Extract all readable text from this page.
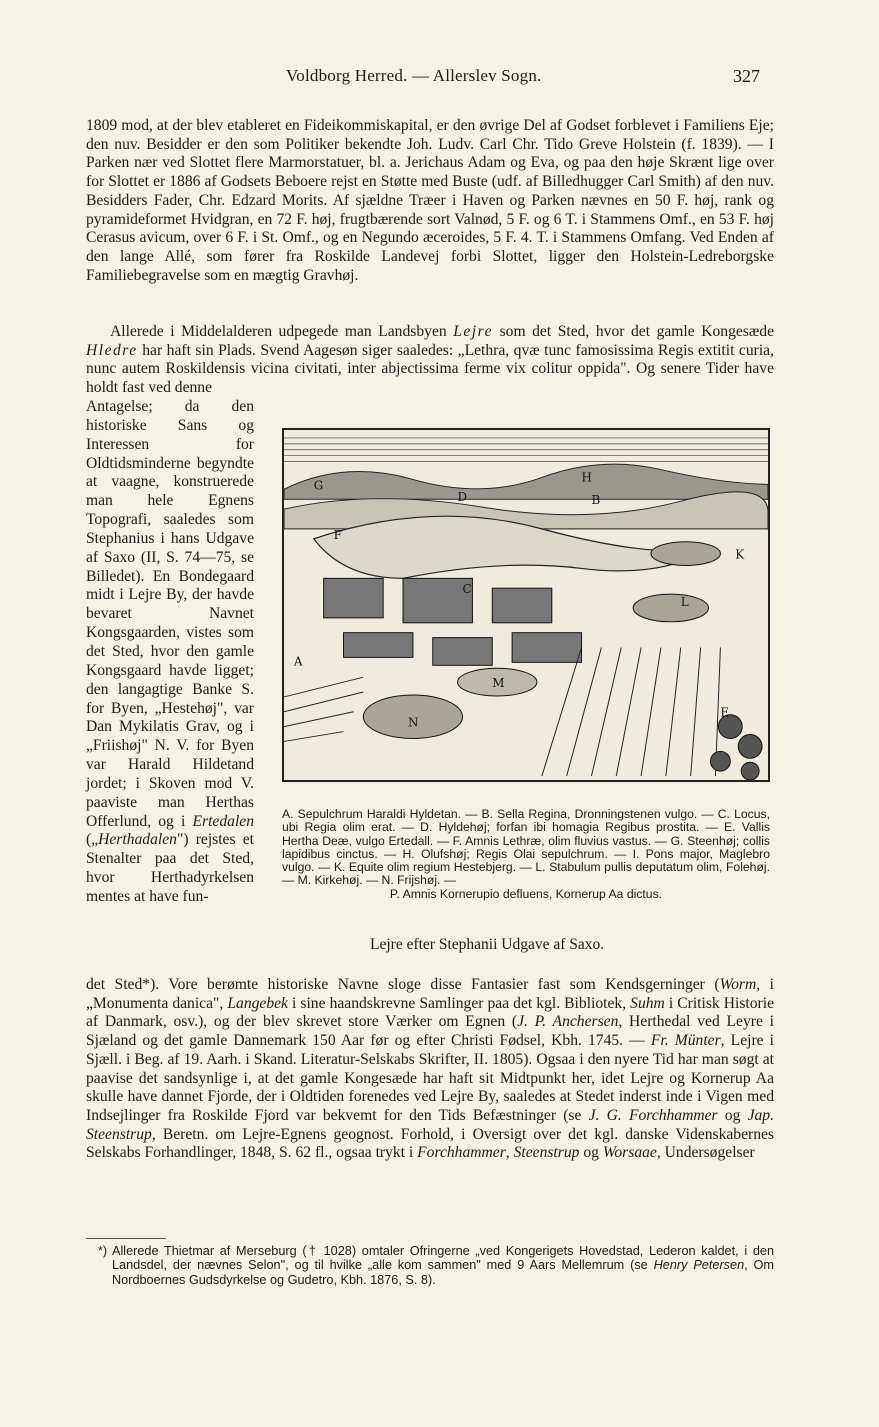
Voldborg Herred. — Allerslev Sogn.	327

1809 mod, at der blev etableret en Fideikommiskapital, er den øvrige Del af Godset forblevet i Familiens Eje; den nuv. Besidder er den som Politiker bekendte Joh. Ludv. Carl Chr. Tido Greve Holstein (f. 1839). — I Parken nær ved Slottet flere Marmorstatuer, bl. a. Jerichaus Adam og Eva, og paa den høje Skrænt lige over for Slottet er 1886 af Godsets Beboere rejst en Støtte med Buste (udf. af Billedhugger Carl Smith) af den nuv. Besidders Fader, Chr. Edzard Morits. Af sjældne Træer i Haven og Parken nævnes en 50 F. høj, rank og pyramideformet Hvidgran, en 72 F. høj, frugtbærende sort Valnød, 5 F. og 6 T. i Stammens Omf., en 53 F. høj Cerasus avicum, over 6 F. i St. Omf., og en Negundo æceroides, 5 F. 4. T. i Stammens Omfang. Ved Enden af den lange Allé, som fører fra Roskilde Landevej forbi Slottet, ligger den Holstein-Ledreborgske Familiebegravelse som en mægtig Gravhøj.

Allerede i Middelalderen udpegede man Landsbyen Lejre som det Sted, hvor det gamle Kongesæde Hledre har haft sin Plads. Svend Aagesøn siger saaledes: „Lethra, qvæ tunc famosissima Regis extitit curia, nunc autem Roskildensis vicina civitati, inter abjectissima ferme vix colitur oppida". Og senere Tider have holdt fast ved denne

Antagelse; da den historiske Sans og Interessen for Oldtidsminderne begyndte at vaagne, konstruerede man hele Egnens Topografi, saaledes som Stephanius i hans Udgave af Saxo (II, S. 74—75, se Billedet). En Bondegaard midt i Lejre By, der havde bevaret Navnet Kongsgaarden, vistes som det Sted, hvor den gamle Kongsgaard havde ligget; den langagtige Banke S. for Byen, „Hestehøj", var Dan Mykilatis Grav, og i „Friishøj" N. V. for Byen var Harald Hildetand jordet; i Skoven mod V. paaviste man Herthas Offerlund, og i Ertedalen („Herthadalen") rejstes et Stenalter paa det Sted, hvor Herthadyrkelsen mentes at have fun-

G
H
D	B
F
K
C
L
A
M
N
E

A. Sepulchrum Haraldi Hyldetan. — B. Sella Regina, Dronningstenen vulgo. — C. Locus, ubi Regia olim erat. — D. Hyldehøj; forfan ibi homagia Regibus prostita. — E. Vallis Hertha Deæ, vulgo Ertedall. — F. Amnis Lethræ, olim fluvius vastus. — G. Steenhøj; collis lapidibus cinctus. — H. Olufshøj; Regis Olai sepulchrum. — I. Pons major, Maglebro vulgo. — K. Equite olim regium Hestebjerg. — L. Stabulum pullis deputatum olim, Folehøj. — M. Kirkehøj. — N. Frijshøj. —
P. Amnis Kornerupio defluens, Kornerup Aa dictus.

Lejre efter Stephanii Udgave af Saxo.

det Sted*). Vore berømte historiske Navne sloge disse Fantasier fast som Kendsgerninger (Worm, i „Monumenta danica", Langebek i sine haandskrevne Samlinger paa det kgl. Bibliotek, Suhm i Critisk Historie af Danmark, osv.), og der blev skrevet store Værker om Egnen (J. P. Anchersen, Herthedal ved Leyre i Sjæland og det gamle Dannemark 150 Aar før og efter Christi Fødsel, Kbh. 1745. — Fr. Münter, Lejre i Sjæll. i Beg. af 19. Aarh. i Skand. Literatur-Selskabs Skrifter, II. 1805). Ogsaa i den nyere Tid har man søgt at paavise det sandsynlige i, at det gamle Kongesæde har haft sit Midtpunkt her, idet Lejre og Kornerup Aa skulle have dannet Fjorde, der i Oldtiden forenedes ved Lejre By, saaledes at Stedet inderst inde i Vigen med Indsejlinger fra Roskilde Fjord var bekvemt for den Tids Befæstninger (se J. G. Forchhammer og Jap. Steenstrup, Beretn. om Lejre-Egnens geognost. Forhold, i Oversigt over det kgl. danske Videnskabernes Selskabs Forhandlinger, 1848, S. 62 fl., ogsaa trykt i Forchhammer, Steenstrup og Worsaae, Undersøgelser

*) Allerede Thietmar af Merseburg († 1028) omtaler Ofringerne „ved Kongerigets Hovedstad, Lederon kaldet, i den Landsdel, der nævnes Selon", og til hvilke „alle kom sammen" med 9 Aars Mellemrum (se Henry Petersen, Om Nordboernes Gudsdyrkelse og Gudetro, Kbh. 1876, S. 8).
